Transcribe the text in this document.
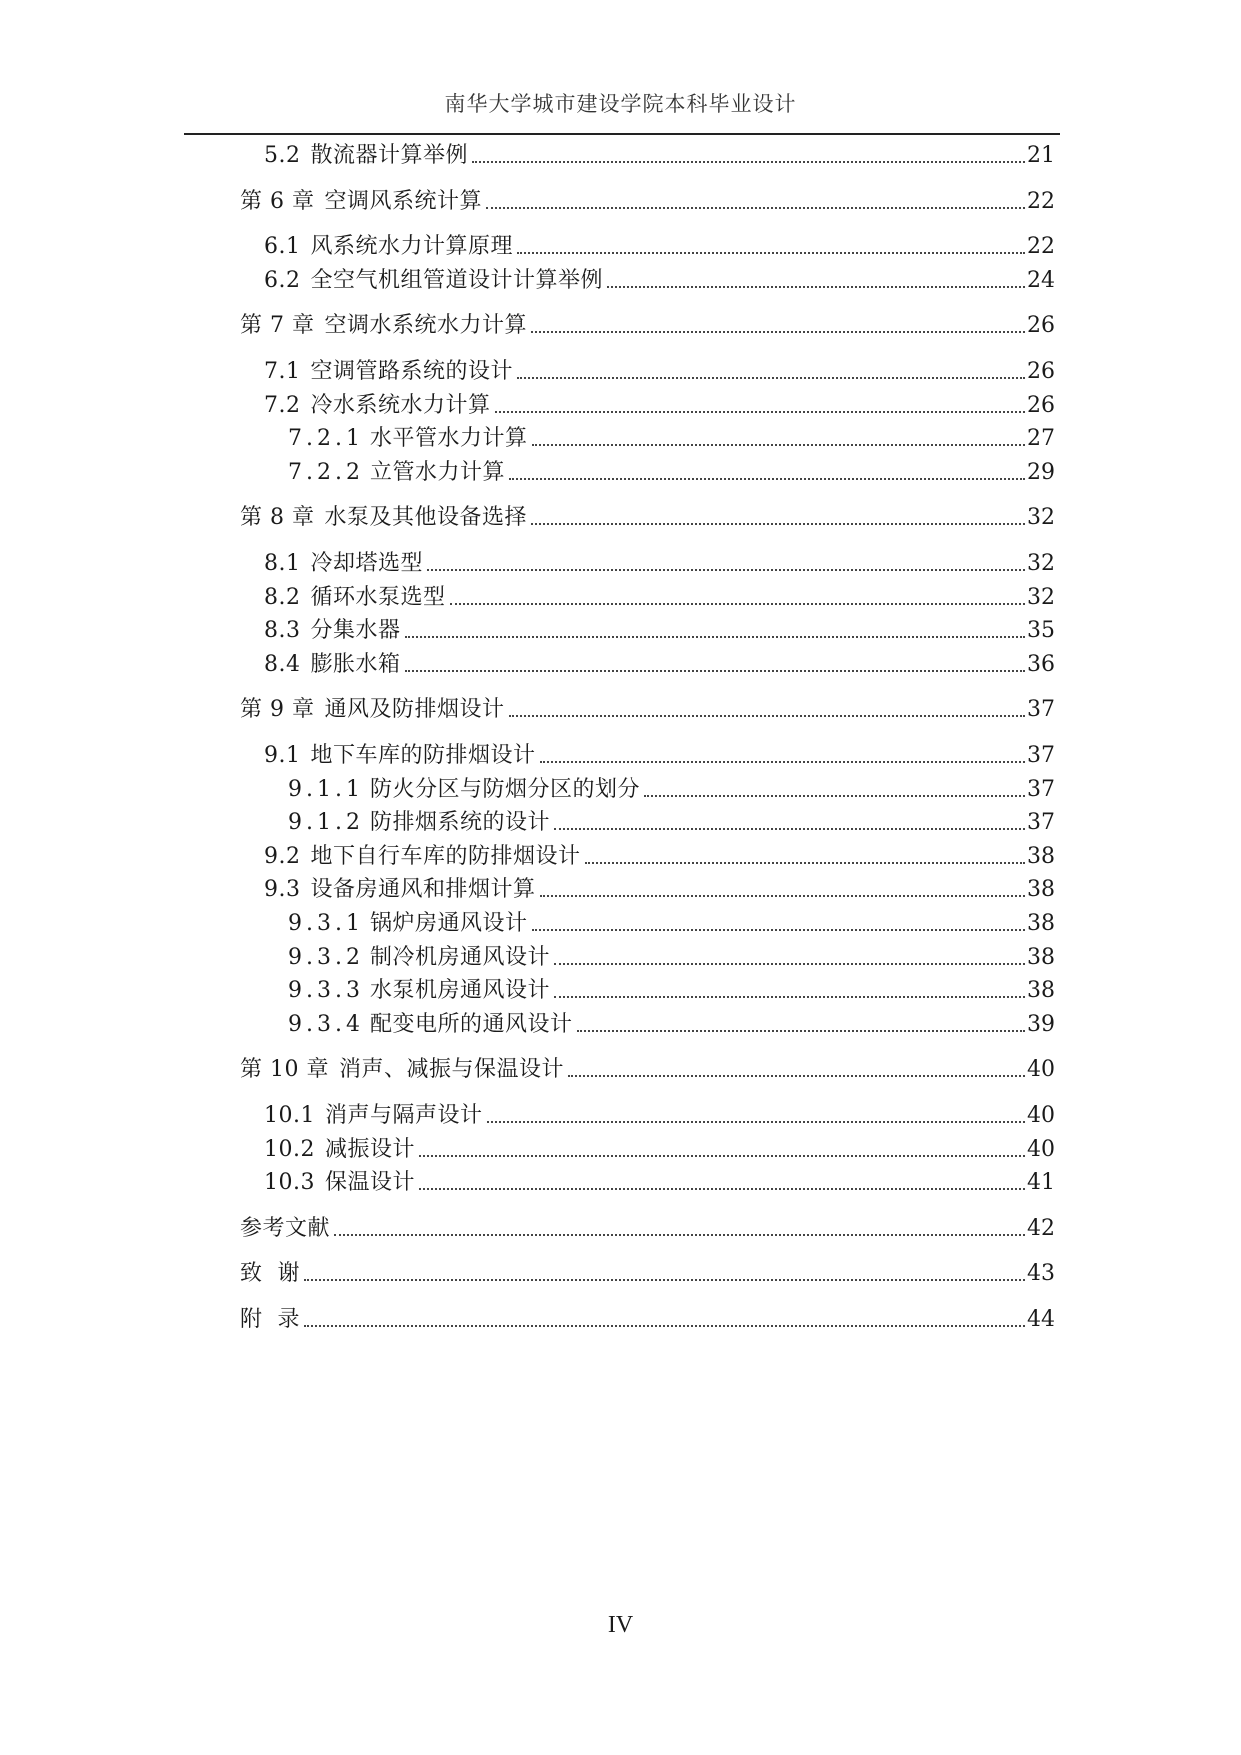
南华大学城市建设学院本科毕业设计
5.2 散流器计算举例	21
第 6 章 空调风系统计算	22
6.1 风系统水力计算原理	22
6.2 全空气机组管道设计计算举例	24
第 7 章 空调水系统水力计算	26
7.1 空调管路系统的设计	26
7.2 冷水系统水力计算	26
7.2.1 水平管水力计算	27
7.2.2 立管水力计算	29
第 8 章 水泵及其他设备选择	32
8.1 冷却塔选型	32
8.2 循环水泵选型	32
8.3 分集水器	35
8.4 膨胀水箱	36
第 9 章 通风及防排烟设计	37
9.1 地下车库的防排烟设计	37
9.1.1 防火分区与防烟分区的划分	37
9.1.2 防排烟系统的设计	37
9.2 地下自行车库的防排烟设计	38
9.3 设备房通风和排烟计算	38
9.3.1 锅炉房通风设计	38
9.3.2 制冷机房通风设计	38
9.3.3 水泵机房通风设计	38
9.3.4 配变电所的通风设计	39
第 10 章 消声、减振与保温设计	40
10.1 消声与隔声设计	40
10.2 减振设计	40
10.3 保温设计	41
参考文献	42
致  谢	43
附  录	44
IV
